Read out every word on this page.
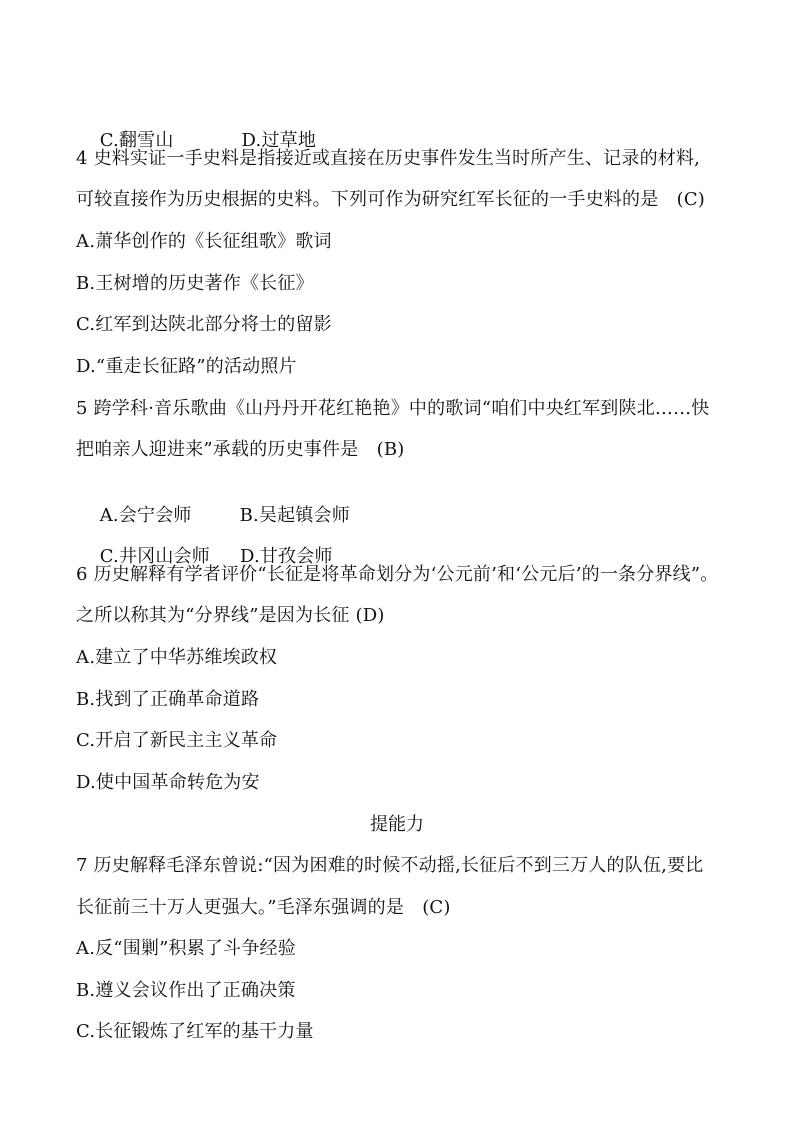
C.翻雪山	D.过草地

4 史料实证一手史料是指接近或直接在历史事件发生当时所产生、记录的材料,
可较直接作为历史根据的史料。下列可作为研究红军长征的一手史料的是　(C)
A.萧华创作的《长征组歌》歌词
B.王树增的历史著作《长征》
C.红军到达陕北部分将士的留影
D.“重走长征路”的活动照片
5 跨学科·音乐歌曲《山丹丹开花红艳艳》中的歌词“咱们中央红军到陕北……快
把咱亲人迎进来”承载的历史事件是　(B)

A.会宁会师	B.吴起镇会师

C.井冈山会师 D.甘孜会师

6 历史解释有学者评价“长征是将革命划分为‘公元前’和‘公元后’的一条分界线”。
之所以称其为“分界线”是因为长征 (D)
A.建立了中华苏维埃政权
B.找到了正确革命道路
C.开启了新民主主义革命
D.使中国革命转危为安
提能力
7 历史解释毛泽东曾说:“因为困难的时候不动摇,长征后不到三万人的队伍,要比
长征前三十万人更强大。”毛泽东强调的是　(C)
A.反“围剿”积累了斗争经验
B.遵义会议作出了正确决策
C.长征锻炼了红军的基干力量
